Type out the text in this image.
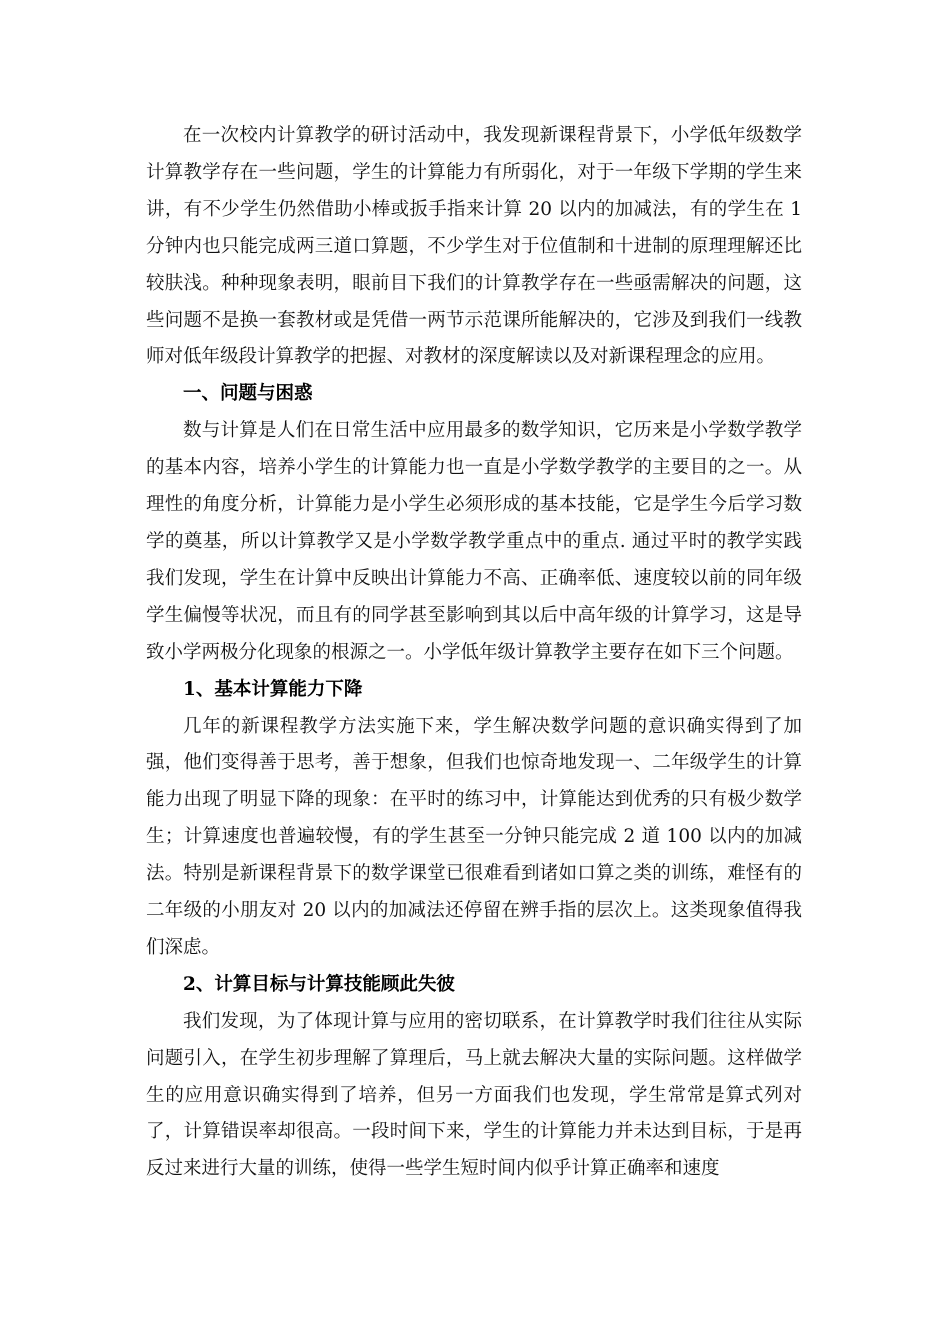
在一次校内计算教学的研讨活动中，我发现新课程背景下，小学低年级数学计算教学存在一些问题，学生的计算能力有所弱化，对于一年级下学期的学生来讲，有不少学生仍然借助小棒或扳手指来计算 20 以内的加减法，有的学生在 1 分钟内也只能完成两三道口算题，不少学生对于位值制和十进制的原理理解还比较肤浅。种种现象表明，眼前目下我们的计算教学存在一些亟需解决的问题，这些问题不是换一套教材或是凭借一两节示范课所能解决的，它涉及到我们一线教师对低年级段计算教学的把握、对教材的深度解读以及对新课程理念的应用。

一、问题与困惑

数与计算是人们在日常生活中应用最多的数学知识，它历来是小学数学教学的基本内容，培养小学生的计算能力也一直是小学数学教学的主要目的之一。从理性的角度分析，计算能力是小学生必须形成的基本技能，它是学生今后学习数学的奠基，所以计算教学又是小学数学教学重点中的重点. 通过平时的教学实践我们发现，学生在计算中反映出计算能力不高、正确率低、速度较以前的同年级学生偏慢等状况，而且有的同学甚至影响到其以后中高年级的计算学习，这是导致小学两极分化现象的根源之一。小学低年级计算教学主要存在如下三个问题。

1、基本计算能力下降

几年的新课程教学方法实施下来，学生解决数学问题的意识确实得到了加强，他们变得善于思考，善于想象，但我们也惊奇地发现一、二年级学生的计算能力出现了明显下降的现象：在平时的练习中，计算能达到优秀的只有极少数学生；计算速度也普遍较慢，有的学生甚至一分钟只能完成 2 道 100 以内的加减法。特别是新课程背景下的数学课堂已很难看到诸如口算之类的训练，难怪有的二年级的小朋友对 20 以内的加减法还停留在辨手指的层次上。这类现象值得我们深虑。

2、计算目标与计算技能顾此失彼

我们发现，为了体现计算与应用的密切联系，在计算教学时我们往往从实际问题引入，在学生初步理解了算理后，马上就去解决大量的实际问题。这样做学生的应用意识确实得到了培养，但另一方面我们也发现，学生常常是算式列对了，计算错误率却很高。一段时间下来，学生的计算能力并未达到目标，于是再反过来进行大量的训练，使得一些学生短时间内似乎计算正确率和速度
